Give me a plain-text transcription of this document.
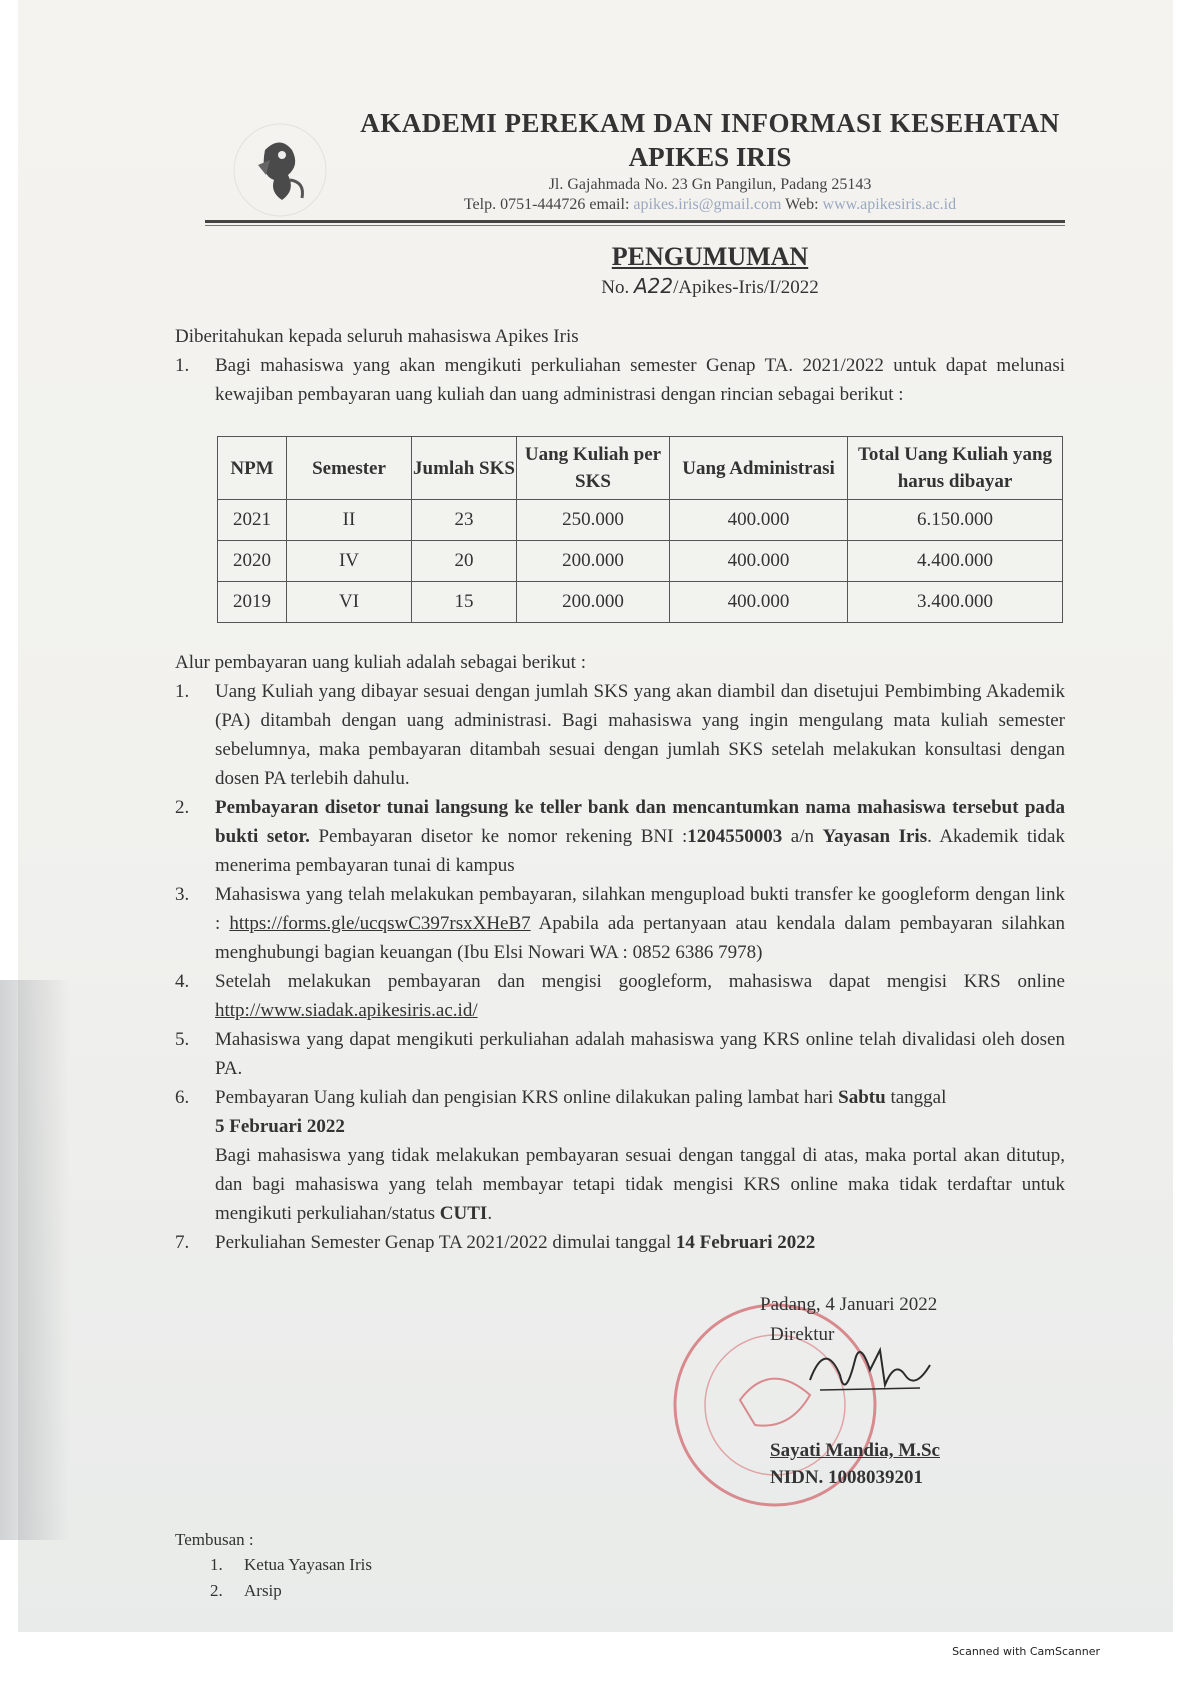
AKADEMI PEREKAM DAN INFORMASI KESEHATAN
APIKES IRIS
Jl. Gajahmada No. 23 Gn Pangilun, Padang 25143
Telp. 0751-444726 email: apikes.iris@gmail.com Web: www.apikesiris.ac.id
PENGUMUMAN
No. A22/Apikes-Iris/I/2022
Diberitahukan kepada seluruh mahasiswa Apikes Iris
1.	Bagi mahasiswa yang akan mengikuti perkuliahan semester Genap TA. 2021/2022 untuk dapat melunasi kewajiban pembayaran uang kuliah dan uang administrasi dengan rincian sebagai berikut :
NPM	Semester	Jumlah SKS	Uang Kuliah per SKS	Uang Administrasi	Total Uang Kuliah yang harus dibayar
2021	II	23	250.000	400.000	6.150.000
2020	IV	20	200.000	400.000	4.400.000
2019	VI	15	200.000	400.000	3.400.000
Alur pembayaran uang kuliah adalah sebagai berikut :
1.	Uang Kuliah yang dibayar sesuai dengan jumlah SKS yang akan diambil dan disetujui Pembimbing Akademik (PA) ditambah dengan uang administrasi. Bagi mahasiswa yang ingin mengulang mata kuliah semester sebelumnya, maka pembayaran ditambah sesuai dengan jumlah SKS setelah melakukan konsultasi dengan dosen PA terlebih dahulu.
2.	Pembayaran disetor tunai langsung ke teller bank dan mencantumkan nama mahasiswa tersebut pada bukti setor. Pembayaran disetor ke nomor rekening BNI :1204550003 a/n Yayasan Iris. Akademik tidak menerima pembayaran tunai di kampus
3.	Mahasiswa yang telah melakukan pembayaran, silahkan mengupload bukti transfer ke googleform dengan link : https://forms.gle/ucqswC397rsxXHeB7 Apabila ada pertanyaan atau kendala dalam pembayaran silahkan menghubungi bagian keuangan (Ibu Elsi Nowari WA : 0852 6386 7978)
4.	Setelah melakukan pembayaran dan mengisi googleform, mahasiswa dapat mengisi KRS online http://www.siadak.apikesiris.ac.id/
5.	Mahasiswa yang dapat mengikuti perkuliahan adalah mahasiswa yang KRS online telah divalidasi oleh dosen PA.
6.	Pembayaran Uang kuliah dan pengisian KRS online dilakukan paling lambat hari Sabtu tanggal
5 Februari 2022
Bagi mahasiswa yang tidak melakukan pembayaran sesuai dengan tanggal di atas, maka portal akan ditutup, dan bagi mahasiswa yang telah membayar tetapi tidak mengisi KRS online maka tidak terdaftar untuk mengikuti perkuliahan/status CUTI.
7.	Perkuliahan Semester Genap TA 2021/2022 dimulai tanggal 14 Februari 2022
Padang, 4 Januari 2022
Direktur
Sayati Mandia, M.Sc
NIDN. 1008039201
Tembusan :
1. Ketua Yayasan Iris
2. Arsip
Scanned with CamScanner
